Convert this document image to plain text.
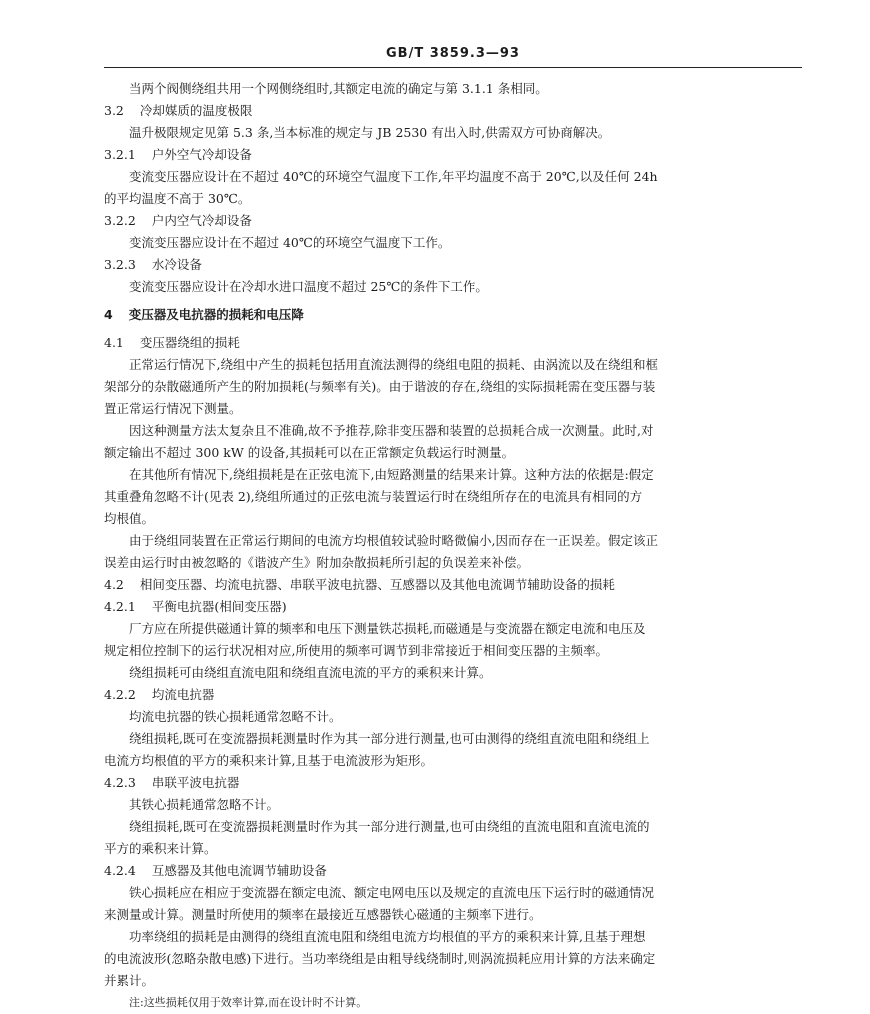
GB/T 3859.3—93
当两个阀侧绕组共用一个网侧绕组时,其额定电流的确定与第 3.1.1 条相同。
3.2 冷却媒质的温度极限
温升极限规定见第 5.3 条,当本标准的规定与 JB 2530 有出入时,供需双方可协商解决。
3.2.1 户外空气冷却设备
变流变压器应设计在不超过 40℃的环境空气温度下工作,年平均温度不高于 20℃,以及任何 24h
的平均温度不高于 30℃。
3.2.2 户内空气冷却设备
变流变压器应设计在不超过 40℃的环境空气温度下工作。
3.2.3 水冷设备
变流变压器应设计在冷却水进口温度不超过 25℃的条件下工作。
4 变压器及电抗器的损耗和电压降
4.1 变压器绕组的损耗
正常运行情况下,绕组中产生的损耗包括用直流法测得的绕组电阻的损耗、由涡流以及在绕组和框
架部分的杂散磁通所产生的附加损耗(与频率有关)。由于谐波的存在,绕组的实际损耗需在变压器与装
置正常运行情况下测量。
因这种测量方法太复杂且不准确,故不予推荐,除非变压器和装置的总损耗合成一次测量。此时,对
额定输出不超过 300 kW 的设备,其损耗可以在正常额定负载运行时测量。
在其他所有情况下,绕组损耗是在正弦电流下,由短路测量的结果来计算。这种方法的依据是:假定
其重叠角忽略不计(见表 2),绕组所通过的正弦电流与装置运行时在绕组所存在的电流具有相同的方
均根值。
由于绕组同装置在正常运行期间的电流方均根值较试验时略微偏小,因而存在一正误差。假定该正
误差由运行时由被忽略的《谐波产生》附加杂散损耗所引起的负误差来补偿。
4.2 相间变压器、均流电抗器、串联平波电抗器、互感器以及其他电流调节辅助设备的损耗
4.2.1 平衡电抗器(相间变压器)
厂方应在所提供磁通计算的频率和电压下测量铁芯损耗,而磁通是与变流器在额定电流和电压及
规定相位控制下的运行状况相对应,所使用的频率可调节到非常接近于相间变压器的主频率。
绕组损耗可由绕组直流电阻和绕组直流电流的平方的乘积来计算。
4.2.2 均流电抗器
均流电抗器的铁心损耗通常忽略不计。
绕组损耗,既可在变流器损耗测量时作为其一部分进行测量,也可由测得的绕组直流电阻和绕组上
电流方均根值的平方的乘积来计算,且基于电流波形为矩形。
4.2.3 串联平波电抗器
其铁心损耗通常忽略不计。
绕组损耗,既可在变流器损耗测量时作为其一部分进行测量,也可由绕组的直流电阻和直流电流的
平方的乘积来计算。
4.2.4 互感器及其他电流调节辅助设备
铁心损耗应在相应于变流器在额定电流、额定电网电压以及规定的直流电压下运行时的磁通情况
来测量或计算。测量时所使用的频率在最接近互感器铁心磁通的主频率下进行。
功率绕组的损耗是由测得的绕组直流电阻和绕组电流方均根值的平方的乘积来计算,且基于理想
的电流波形(忽略杂散电感)下进行。当功率绕组是由粗导线绕制时,则涡流损耗应用计算的方法来确定
并累计。
注:这些损耗仅用于效率计算,而在设计时不计算。
